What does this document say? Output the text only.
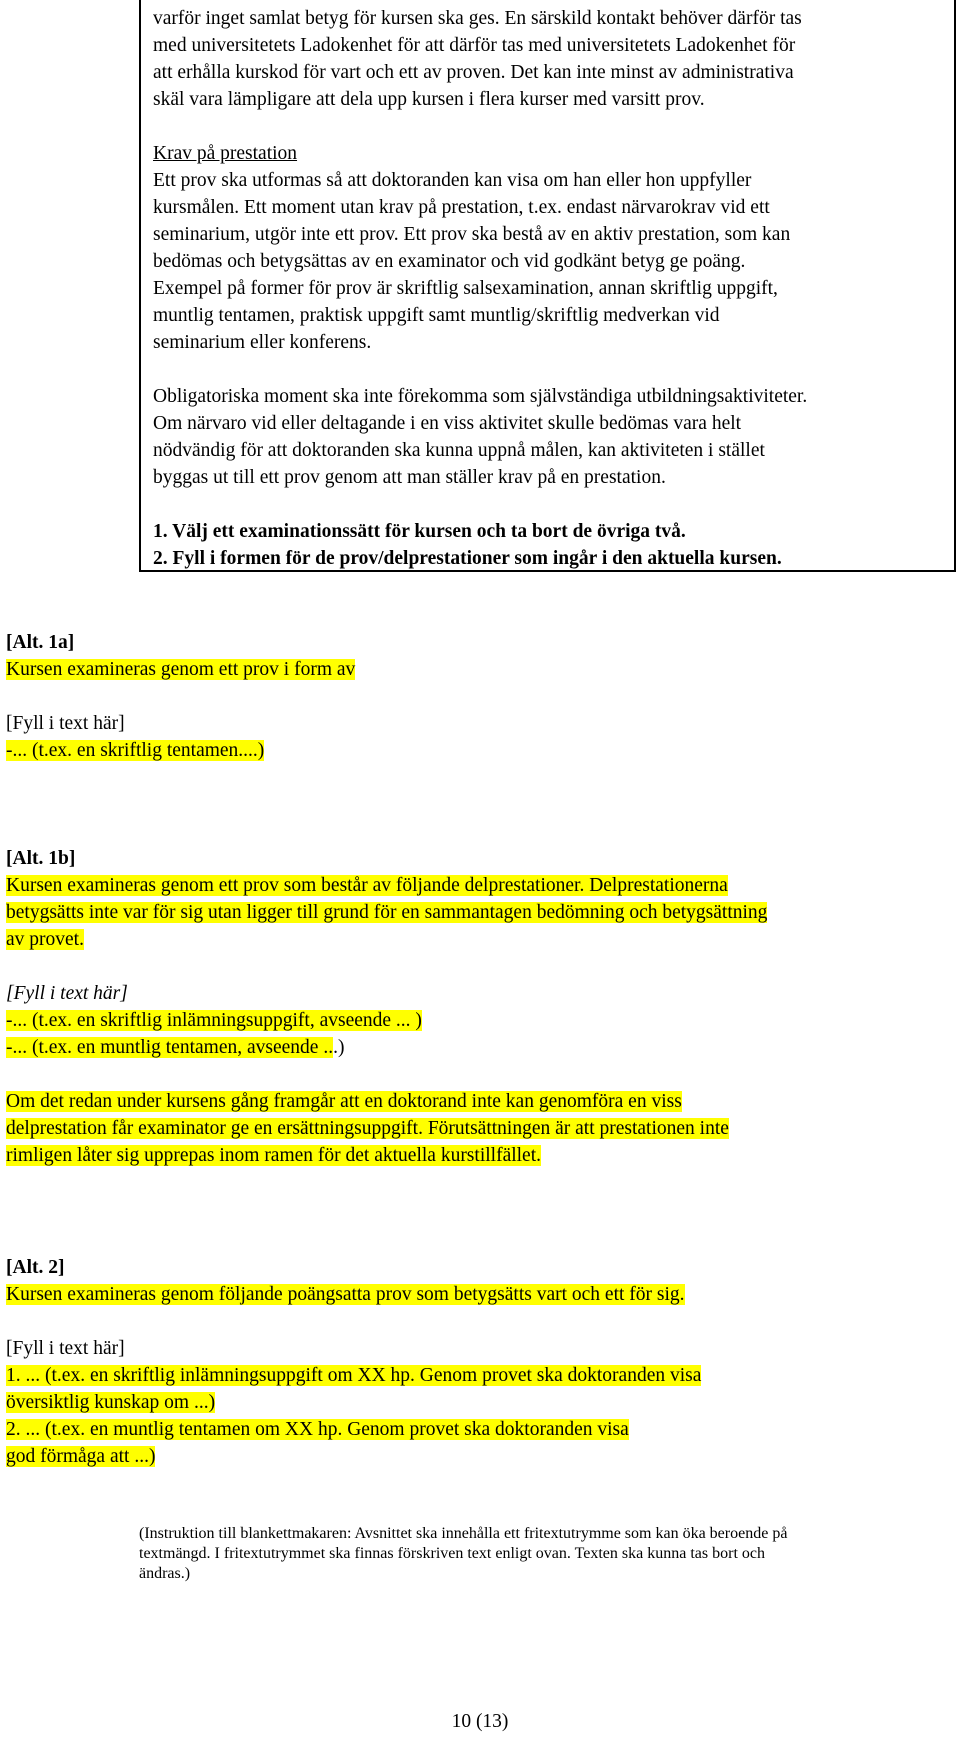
varför inget samlat betyg för kursen ska ges. En särskild kontakt behöver därför tas

med universitetets Ladokenhet för att därför tas med universitetets Ladokenhet för

att erhålla kurskod för vart och ett av proven. Det kan inte minst av administrativa

skäl vara lämpligare att dela upp kursen i flera kurser med varsitt prov.

Krav på prestation

Ett prov ska utformas så att doktoranden kan visa om han eller hon uppfyller

kursmålen. Ett moment utan krav på prestation, t.ex. endast närvarokrav vid ett

seminarium, utgör inte ett prov. Ett prov ska bestå av en aktiv prestation, som kan

bedömas och betygsättas av en examinator och vid godkänt betyg ge poäng.

Exempel på former för prov är skriftlig salsexamination, annan skriftlig uppgift,

muntlig tentamen, praktisk uppgift samt muntlig/skriftlig medverkan vid

seminarium eller konferens.

Obligatoriska moment ska inte förekomma som självständiga utbildningsaktiviteter.

Om närvaro vid eller deltagande i en viss aktivitet skulle bedömas vara helt

nödvändig för att doktoranden ska kunna uppnå målen, kan aktiviteten i stället

byggas ut till ett prov genom att man ställer krav på en prestation.

1. Välj ett examinationssätt för kursen och ta bort de övriga två.

2. Fyll i formen för de prov/delprestationer som ingår i den aktuella kursen.

[Alt. 1a]

Kursen examineras genom ett prov i form av

[Fyll i text här]

-... (t.ex. en skriftlig tentamen....)

[Alt. 1b]

Kursen examineras genom ett prov som består av följande delprestationer. Delprestationerna

betygsätts inte var för sig utan ligger till grund för en sammantagen bedömning och betygsättning

av provet.

[Fyll i text här]

-... (t.ex. en skriftlig inlämningsuppgift, avseende ... )

-... (t.ex. en muntlig tentamen, avseende ...)

Om det redan under kursens gång framgår att en doktorand inte kan genomföra en viss

delprestation får examinator ge en ersättningsuppgift. Förutsättningen är att prestationen inte

rimligen låter sig upprepas inom ramen för det aktuella kurstillfället.

[Alt. 2]

Kursen examineras genom följande poängsatta prov som betygsätts vart och ett för sig.

[Fyll i text här]

1. ... (t.ex. en skriftlig inlämningsuppgift om XX hp. Genom provet ska doktoranden visa

översiktlig kunskap om ...)

2. ... (t.ex. en muntlig tentamen om XX hp. Genom provet ska doktoranden visa

god förmåga att ...)

(Instruktion till blankettmakaren: Avsnittet ska innehålla ett fritextutrymme som kan öka beroende på
textmängd. I fritextutrymmet ska finnas förskriven text enligt ovan. Texten ska kunna tas bort och
ändras.)
10 (13)
